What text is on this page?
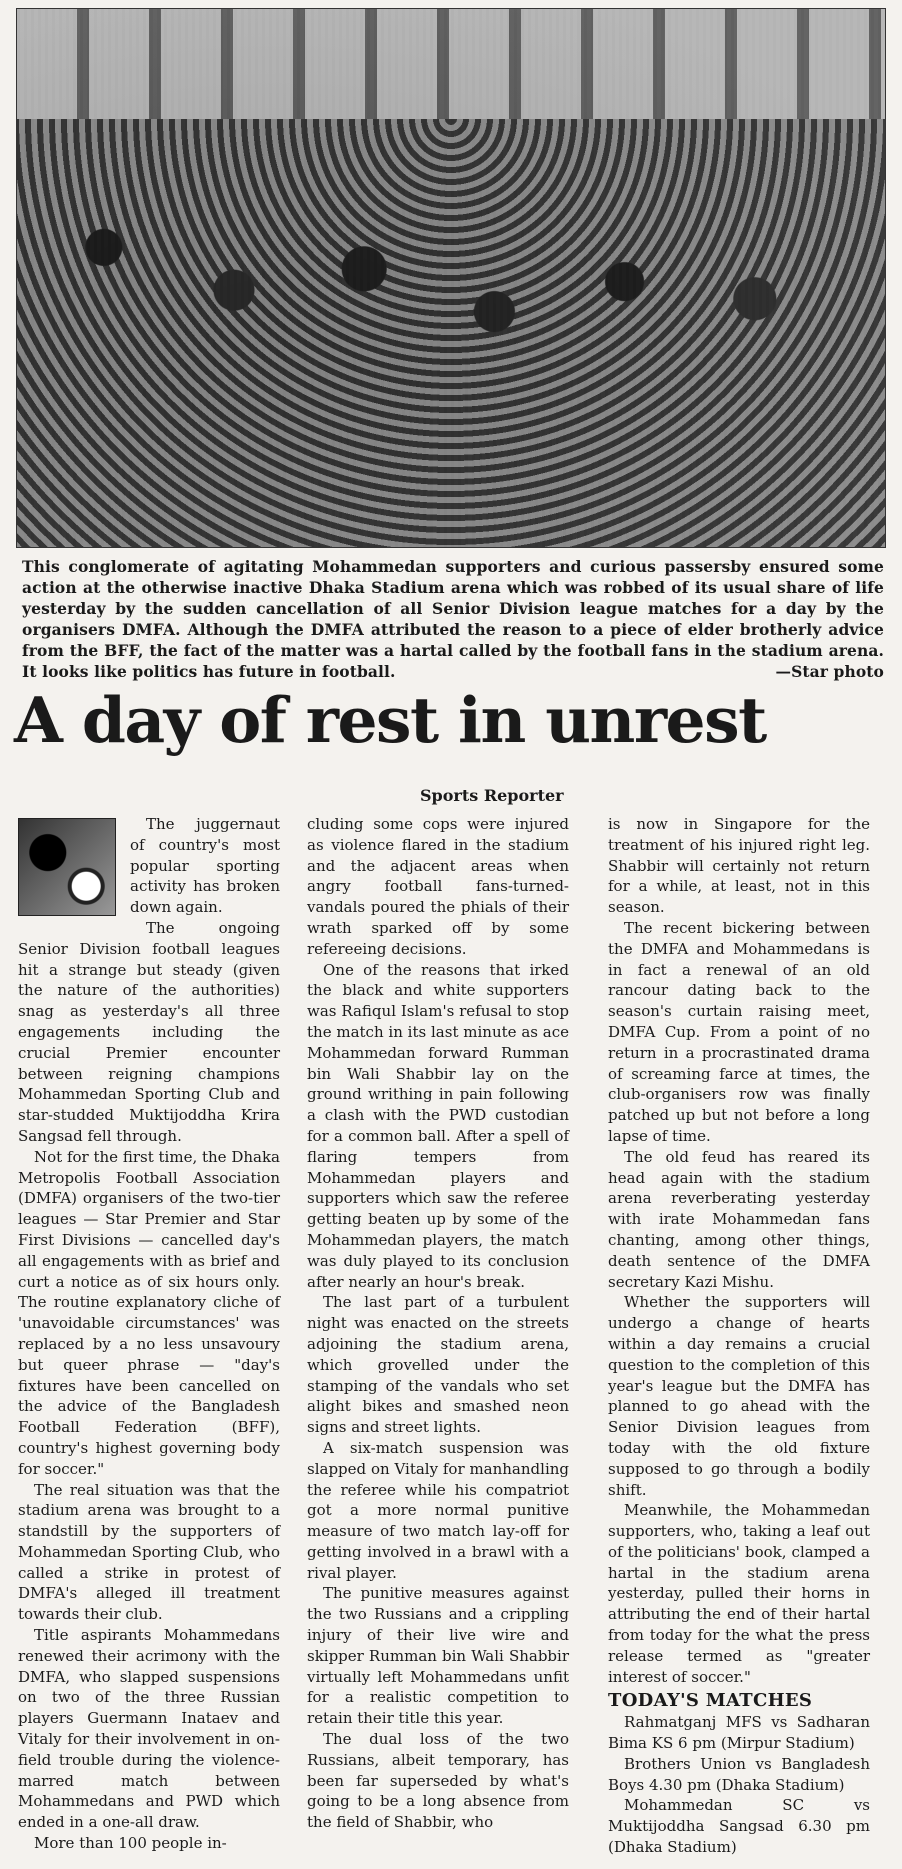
This conglomerate of agitating Mohammedan supporters and curious passersby ensured some action at the otherwise inactive Dhaka Stadium arena which was robbed of its usual share of life yesterday by the sudden cancellation of all Senior Division league matches for a day by the organisers DMFA. Although the DMFA attributed the reason to a piece of elder brotherly advice from the BFF, the fact of the matter was a hartal called by the football fans in the stadium arena. It looks like politics has future in football.	—Star photo
A day of rest in unrest
Sports Reporter

The juggernaut of country's most popular sporting activity has broken down again.

The ongoing Senior Division football leagues hit a strange but steady (given the nature of the authorities) snag as yesterday's all three engagements including the crucial Premier encounter between reigning champions Mohammedan Sporting Club and star-studded Muktijoddha Krira Sangsad fell through.

Not for the first time, the Dhaka Metropolis Football Association (DMFA) organisers of the two-tier leagues — Star Premier and Star First Divisions — cancelled day's all engagements with as brief and curt a notice as of six hours only. The routine explanatory cliche of 'unavoidable circumstances' was replaced by a no less unsavoury but queer phrase — "day's fixtures have been cancelled on the advice of the Bangladesh Football Federation (BFF), country's highest governing body for soccer."

The real situation was that the stadium arena was brought to a standstill by the supporters of Mohammedan Sporting Club, who called a strike in protest of DMFA's alleged ill treatment towards their club.

Title aspirants Mohammedans renewed their acrimony with the DMFA, who slapped suspensions on two of the three Russian players Guermann Inataev and Vitaly for their involvement in on-field trouble during the violence-marred match between Mohammedans and PWD which ended in a one-all draw.

More than 100 people in-

cluding some cops were injured as violence flared in the stadium and the adjacent areas when angry football fans-turned-vandals poured the phials of their wrath sparked off by some refereeing decisions.

One of the reasons that irked the black and white supporters was Rafiqul Islam's refusal to stop the match in its last minute as ace Mohammedan forward Rumman bin Wali Shabbir lay on the ground writhing in pain following a clash with the PWD custodian for a common ball. After a spell of flaring tempers from Mohammedan players and supporters which saw the referee getting beaten up by some of the Mohammedan players, the match was duly played to its conclusion after nearly an hour's break.

The last part of a turbulent night was enacted on the streets adjoining the stadium arena, which grovelled under the stamping of the vandals who set alight bikes and smashed neon signs and street lights.

A six-match suspension was slapped on Vitaly for manhandling the referee while his compatriot got a more normal punitive measure of two match lay-off for getting involved in a brawl with a rival player.

The punitive measures against the two Russians and a crippling injury of their live wire and skipper Rumman bin Wali Shabbir virtually left Mohammedans unfit for a realistic competition to retain their title this year.

The dual loss of the two Russians, albeit temporary, has been far superseded by what's going to be a long absence from the field of Shabbir, who

is now in Singapore for the treatment of his injured right leg. Shabbir will certainly not return for a while, at least, not in this season.

The recent bickering between the DMFA and Mohammedans is in fact a renewal of an old rancour dating back to the season's curtain raising meet, DMFA Cup. From a point of no return in a procrastinated drama of screaming farce at times, the club-organisers row was finally patched up but not before a long lapse of time.

The old feud has reared its head again with the stadium arena reverberating yesterday with irate Mohammedan fans chanting, among other things, death sentence of the DMFA secretary Kazi Mishu.

Whether the supporters will undergo a change of hearts within a day remains a crucial question to the completion of this year's league but the DMFA has planned to go ahead with the Senior Division leagues from today with the old fixture supposed to go through a bodily shift.

Meanwhile, the Mohammedan supporters, who, taking a leaf out of the politicians' book, clamped a hartal in the stadium arena yesterday, pulled their horns in attributing the end of their hartal from today for the what the press release termed as "greater interest of soccer."

TODAY'S MATCHES

Rahmatganj MFS vs Sadharan Bima KS 6 pm (Mirpur Stadium)

Brothers Union vs Bangladesh Boys 4.30 pm (Dhaka Stadium)

Mohammedan SC vs Muktijoddha Sangsad 6.30 pm (Dhaka Stadium)
